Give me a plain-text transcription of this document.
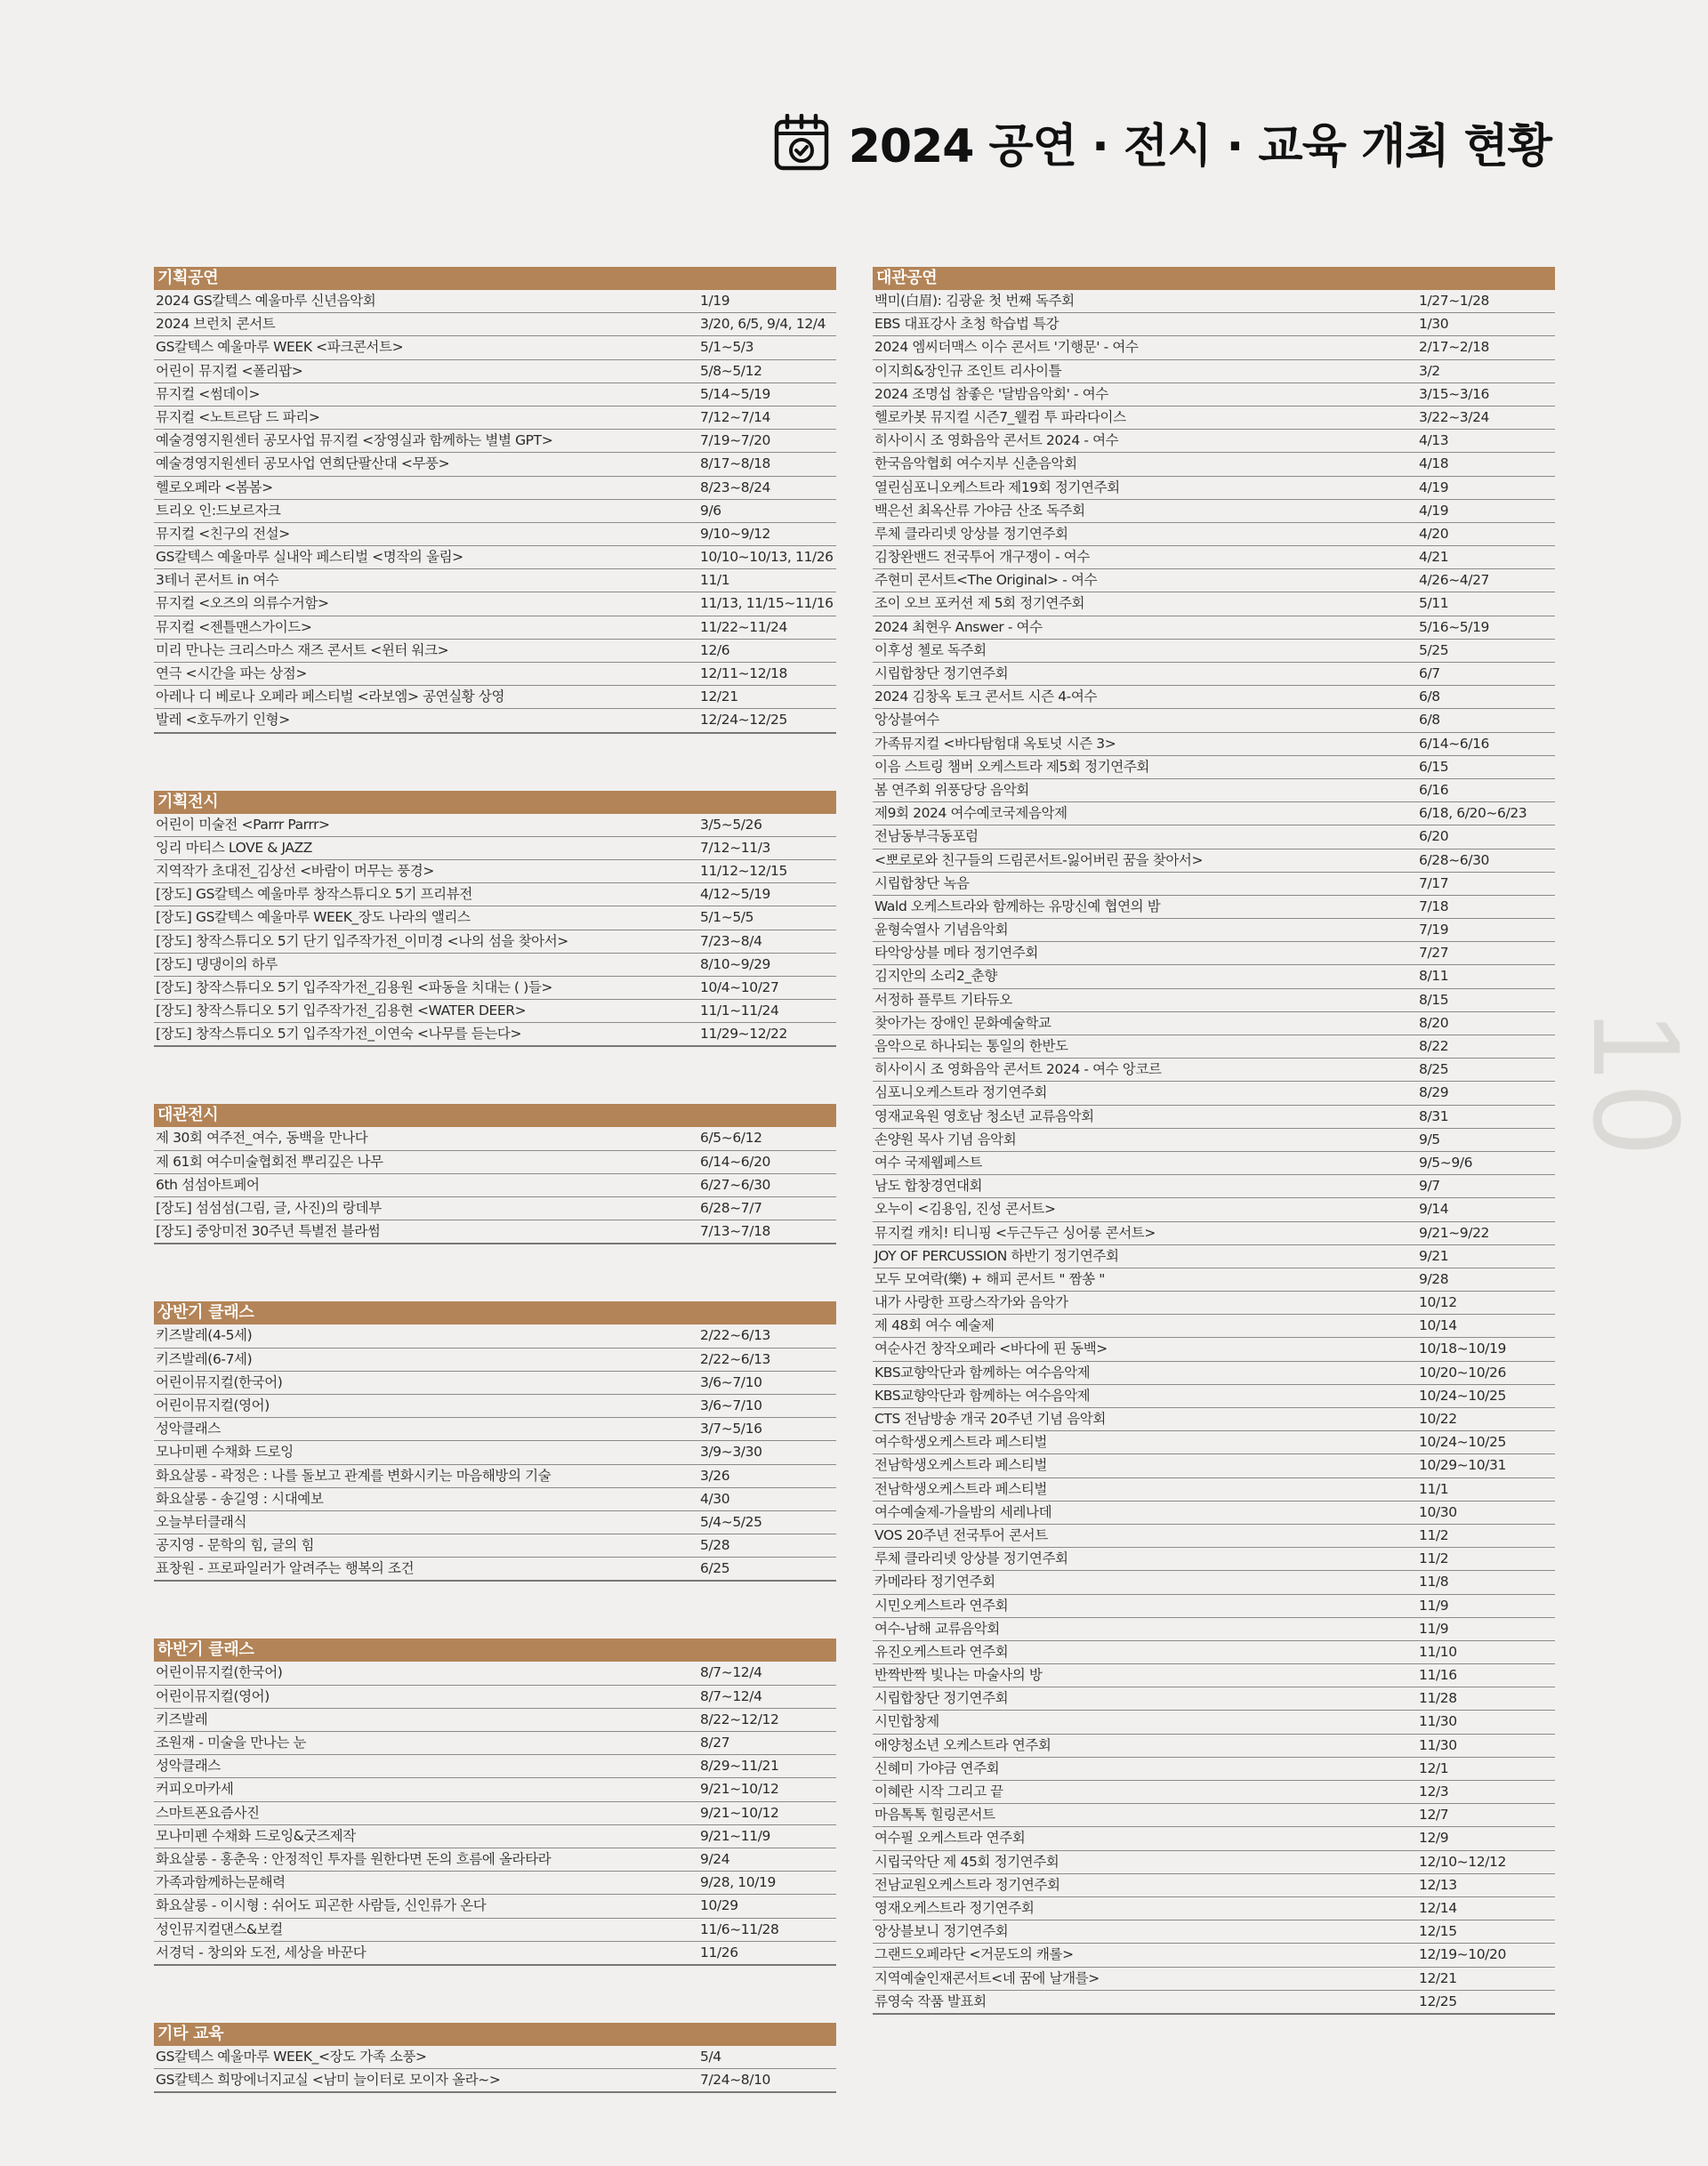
2024 공연 · 전시 · 교육 개최 현황
10
기획공연
2024 GS칼텍스 예울마루 신년음악회	1/19
2024 브런치 콘서트	3/20, 6/5, 9/4, 12/4
GS칼텍스 예울마루 WEEK <파크콘서트>	5/1~5/3
어린이 뮤지컬 <폴리팝>	5/8~5/12
뮤지컬 <썸데이>	5/14~5/19
뮤지컬 <노트르담 드 파리>	7/12~7/14
예술경영지원센터 공모사업 뮤지컬 <장영실과 함께하는 별별 GPT>	7/19~7/20
예술경영지원센터 공모사업 연희단팔산대 <무풍>	8/17~8/18
헬로오페라 <봄봄>	8/23~8/24
트리오 인:드보르자크	9/6
뮤지컬 <친구의 전설>	9/10~9/12
GS칼텍스 예울마루 실내악 페스티벌 <명작의 울림>	10/10~10/13, 11/26
3테너 콘서트 in 여수	11/1
뮤지컬 <오즈의 의류수거함>	11/13, 11/15~11/16
뮤지컬 <젠틀맨스가이드>	11/22~11/24
미리 만나는 크리스마스 재즈 콘서트 <윈터 워크>	12/6
연극 <시간을 파는 상점>	12/11~12/18
아레나 디 베로나 오페라 페스티벌 <라보엠> 공연실황 상영	12/21
발레 <호두까기 인형>	12/24~12/25
기획전시
어린이 미술전 <Parrr Parrr>	3/5~5/26
잉리 마티스 LOVE & JAZZ	7/12~11/3
지역작가 초대전_김상선 <바람이 머무는 풍경>	11/12~12/15
[장도] GS칼텍스 예울마루 창작스튜디오 5기 프리뷰전	4/12~5/19
[장도] GS칼텍스 예울마루 WEEK_장도 나라의 앨리스	5/1~5/5
[장도] 창작스튜디오 5기 단기 입주작가전_이미경 <나의 섬을 찾아서>	7/23~8/4
[장도] 댕댕이의 하루	8/10~9/29
[장도] 창작스튜디오 5기 입주작가전_김용원 <파동을 치대는 ( )들>	10/4~10/27
[장도] 창작스튜디오 5기 입주작가전_김용현 <WATER DEER>	11/1~11/24
[장도] 창작스튜디오 5기 입주작가전_이연숙 <나무를 듣는다>	11/29~12/22
대관전시
제 30회 여주전_여수, 동백을 만나다	6/5~6/12
제 61회 여수미술협회전 뿌리깊은 나무	6/14~6/20
6th 섬섬아트페어	6/27~6/30
[장도] 섬섬섬(그림, 글, 사진)의 랑데부	6/28~7/7
[장도] 중앙미전 30주년 특별전 블라썸	7/13~7/18
상반기 클래스
키즈발레(4-5세)	2/22~6/13
키즈발레(6-7세)	2/22~6/13
어린이뮤지컬(한국어)	3/6~7/10
어린이뮤지컬(영어)	3/6~7/10
성악클래스	3/7~5/16
모나미펜 수채화 드로잉	3/9~3/30
화요살롱 - 곽정은 : 나를 돌보고 관계를 변화시키는 마음해방의 기술	3/26
화요살롱 - 송길영 : 시대예보	4/30
오늘부터클래식	5/4~5/25
공지영 - 문학의 힘, 글의 힘	5/28
표창원 - 프로파일러가 알려주는 행복의 조건	6/25
하반기 클래스
어린이뮤지컬(한국어)	8/7~12/4
어린이뮤지컬(영어)	8/7~12/4
키즈발레	8/22~12/12
조원재 - 미술을 만나는 눈	8/27
성악클래스	8/29~11/21
커피오마카세	9/21~10/12
스마트폰요즘사진	9/21~10/12
모나미펜 수채화 드로잉&굿즈제작	9/21~11/9
화요살롱 - 홍춘욱 : 안정적인 투자를 원한다면 돈의 흐름에 올라타라	9/24
가족과함께하는문해력	9/28, 10/19
화요살롱 - 이시형 : 쉬어도 피곤한 사람들, 신인류가 온다	10/29
성인뮤지컬댄스&보컬	11/6~11/28
서경덕 - 창의와 도전, 세상을 바꾼다	11/26
기타 교육
GS칼텍스 예울마루 WEEK_<장도 가족 소풍>	5/4
GS칼텍스 희망에너지교실 <남미 늘이터로 모이자 올라~>	7/24~8/10
대관공연
백미(白眉): 김광윤 첫 번째 독주회	1/27~1/28
EBS 대표강사 초청 학습법 특강	1/30
2024 엠씨더맥스 이수 콘서트 '기행문' - 여수	2/17~2/18
이지희&장인규 조인트 리사이틀	3/2
2024 조명섭 참좋은 '달밤음악회' - 여수	3/15~3/16
헬로카봇 뮤지컬 시즌7_웰컴 투 파라다이스	3/22~3/24
히사이시 조 영화음악 콘서트 2024 - 여수	4/13
한국음악협회 여수지부 신춘음악회	4/18
열린심포니오케스트라 제19회 정기연주회	4/19
백은선 최옥산류 가야금 산조 독주회	4/19
루체 클라리넷 앙상블 정기연주회	4/20
김창완밴드 전국투어 개구쟁이 - 여수	4/21
주현미 콘서트<The Original> - 여수	4/26~4/27
조이 오브 포커션 제 5회 정기연주회	5/11
2024 최현우 Answer - 여수	5/16~5/19
이후성 첼로 독주회	5/25
시립합창단 정기연주회	6/7
2024 김창옥 토크 콘서트 시즌 4-여수	6/8
앙상블여수	6/8
가족뮤지컬 <바다탐험대 옥토넛 시즌 3>	6/14~6/16
이음 스트링 챔버 오케스트라 제5회 정기연주회	6/15
봄 연주회 위풍당당 음악회	6/16
제9회 2024 여수예코국제음악제	6/18, 6/20~6/23
전남동부극동포럼	6/20
<뽀로로와 친구들의 드림콘서트-잃어버린 꿈을 찾아서>	6/28~6/30
시립합창단 녹음	7/17
Wald 오케스트라와 함께하는 유망신예 협연의 밤	7/18
윤형숙열사 기념음악회	7/19
타악앙상블 메타 정기연주회	7/27
김지안의 소리2_춘향	8/11
서정하 플루트 기타듀오	8/15
찾아가는 장애인 문화예술학교	8/20
음악으로 하나되는 통일의 한반도	8/22
히사이시 조 영화음악 콘서트 2024 - 여수 앙코르	8/25
심포니오케스트라 정기연주회	8/29
영재교육원 영호남 청소년 교류음악회	8/31
손양원 목사 기념 음악회	9/5
여수 국제웹페스트	9/5~9/6
남도 합창경연대회	9/7
오누이 <김용임, 진성 콘서트>	9/14
뮤지컬 캐치! 티니핑 <두근두근 싱어롱 콘서트>	9/21~9/22
JOY OF PERCUSSION 하반기 정기연주회	9/21
모두 모여락(樂) + 해피 콘서트 " 짬쏭 "	9/28
내가 사랑한 프랑스작가와 음악가	10/12
제 48회 여수 예술제	10/14
여순사건 창작오페라 <바다에 핀 동백>	10/18~10/19
KBS교향악단과 함께하는 여수음악제	10/20~10/26
KBS교향악단과 함께하는 여수음악제	10/24~10/25
CTS 전남방송 개국 20주년 기념 음악회	10/22
여수학생오케스트라 페스티벌	10/24~10/25
전남학생오케스트라 페스티벌	10/29~10/31
전남학생오케스트라 페스티벌	11/1
여수예술제-가을밤의 세레나데	10/30
VOS 20주년 전국투어 콘서트	11/2
루체 클라리넷 앙상블 정기연주회	11/2
카메라타 정기연주회	11/8
시민오케스트라 연주회	11/9
여수-남해 교류음악회	11/9
유진오케스트라 연주회	11/10
반짝반짝 빛나는 마술사의 방	11/16
시립합창단 정기연주회	11/28
시민합창제	11/30
애양청소년 오케스트라 연주회	11/30
신혜미 가야금 연주회	12/1
이혜란 시작 그리고 끝	12/3
마음톡톡 힐링콘서트	12/7
여수필 오케스트라 연주회	12/9
시립국악단 제 45회 정기연주회	12/10~12/12
전남교원오케스트라 정기연주회	12/13
영재오케스트라 정기연주회	12/14
앙상블보니 정기연주회	12/15
그랜드오페라단 <거문도의 캐롤>	12/19~10/20
지역예술인재콘서트<네 꿈에 날개를>	12/21
류영숙 작품 발표회	12/25
